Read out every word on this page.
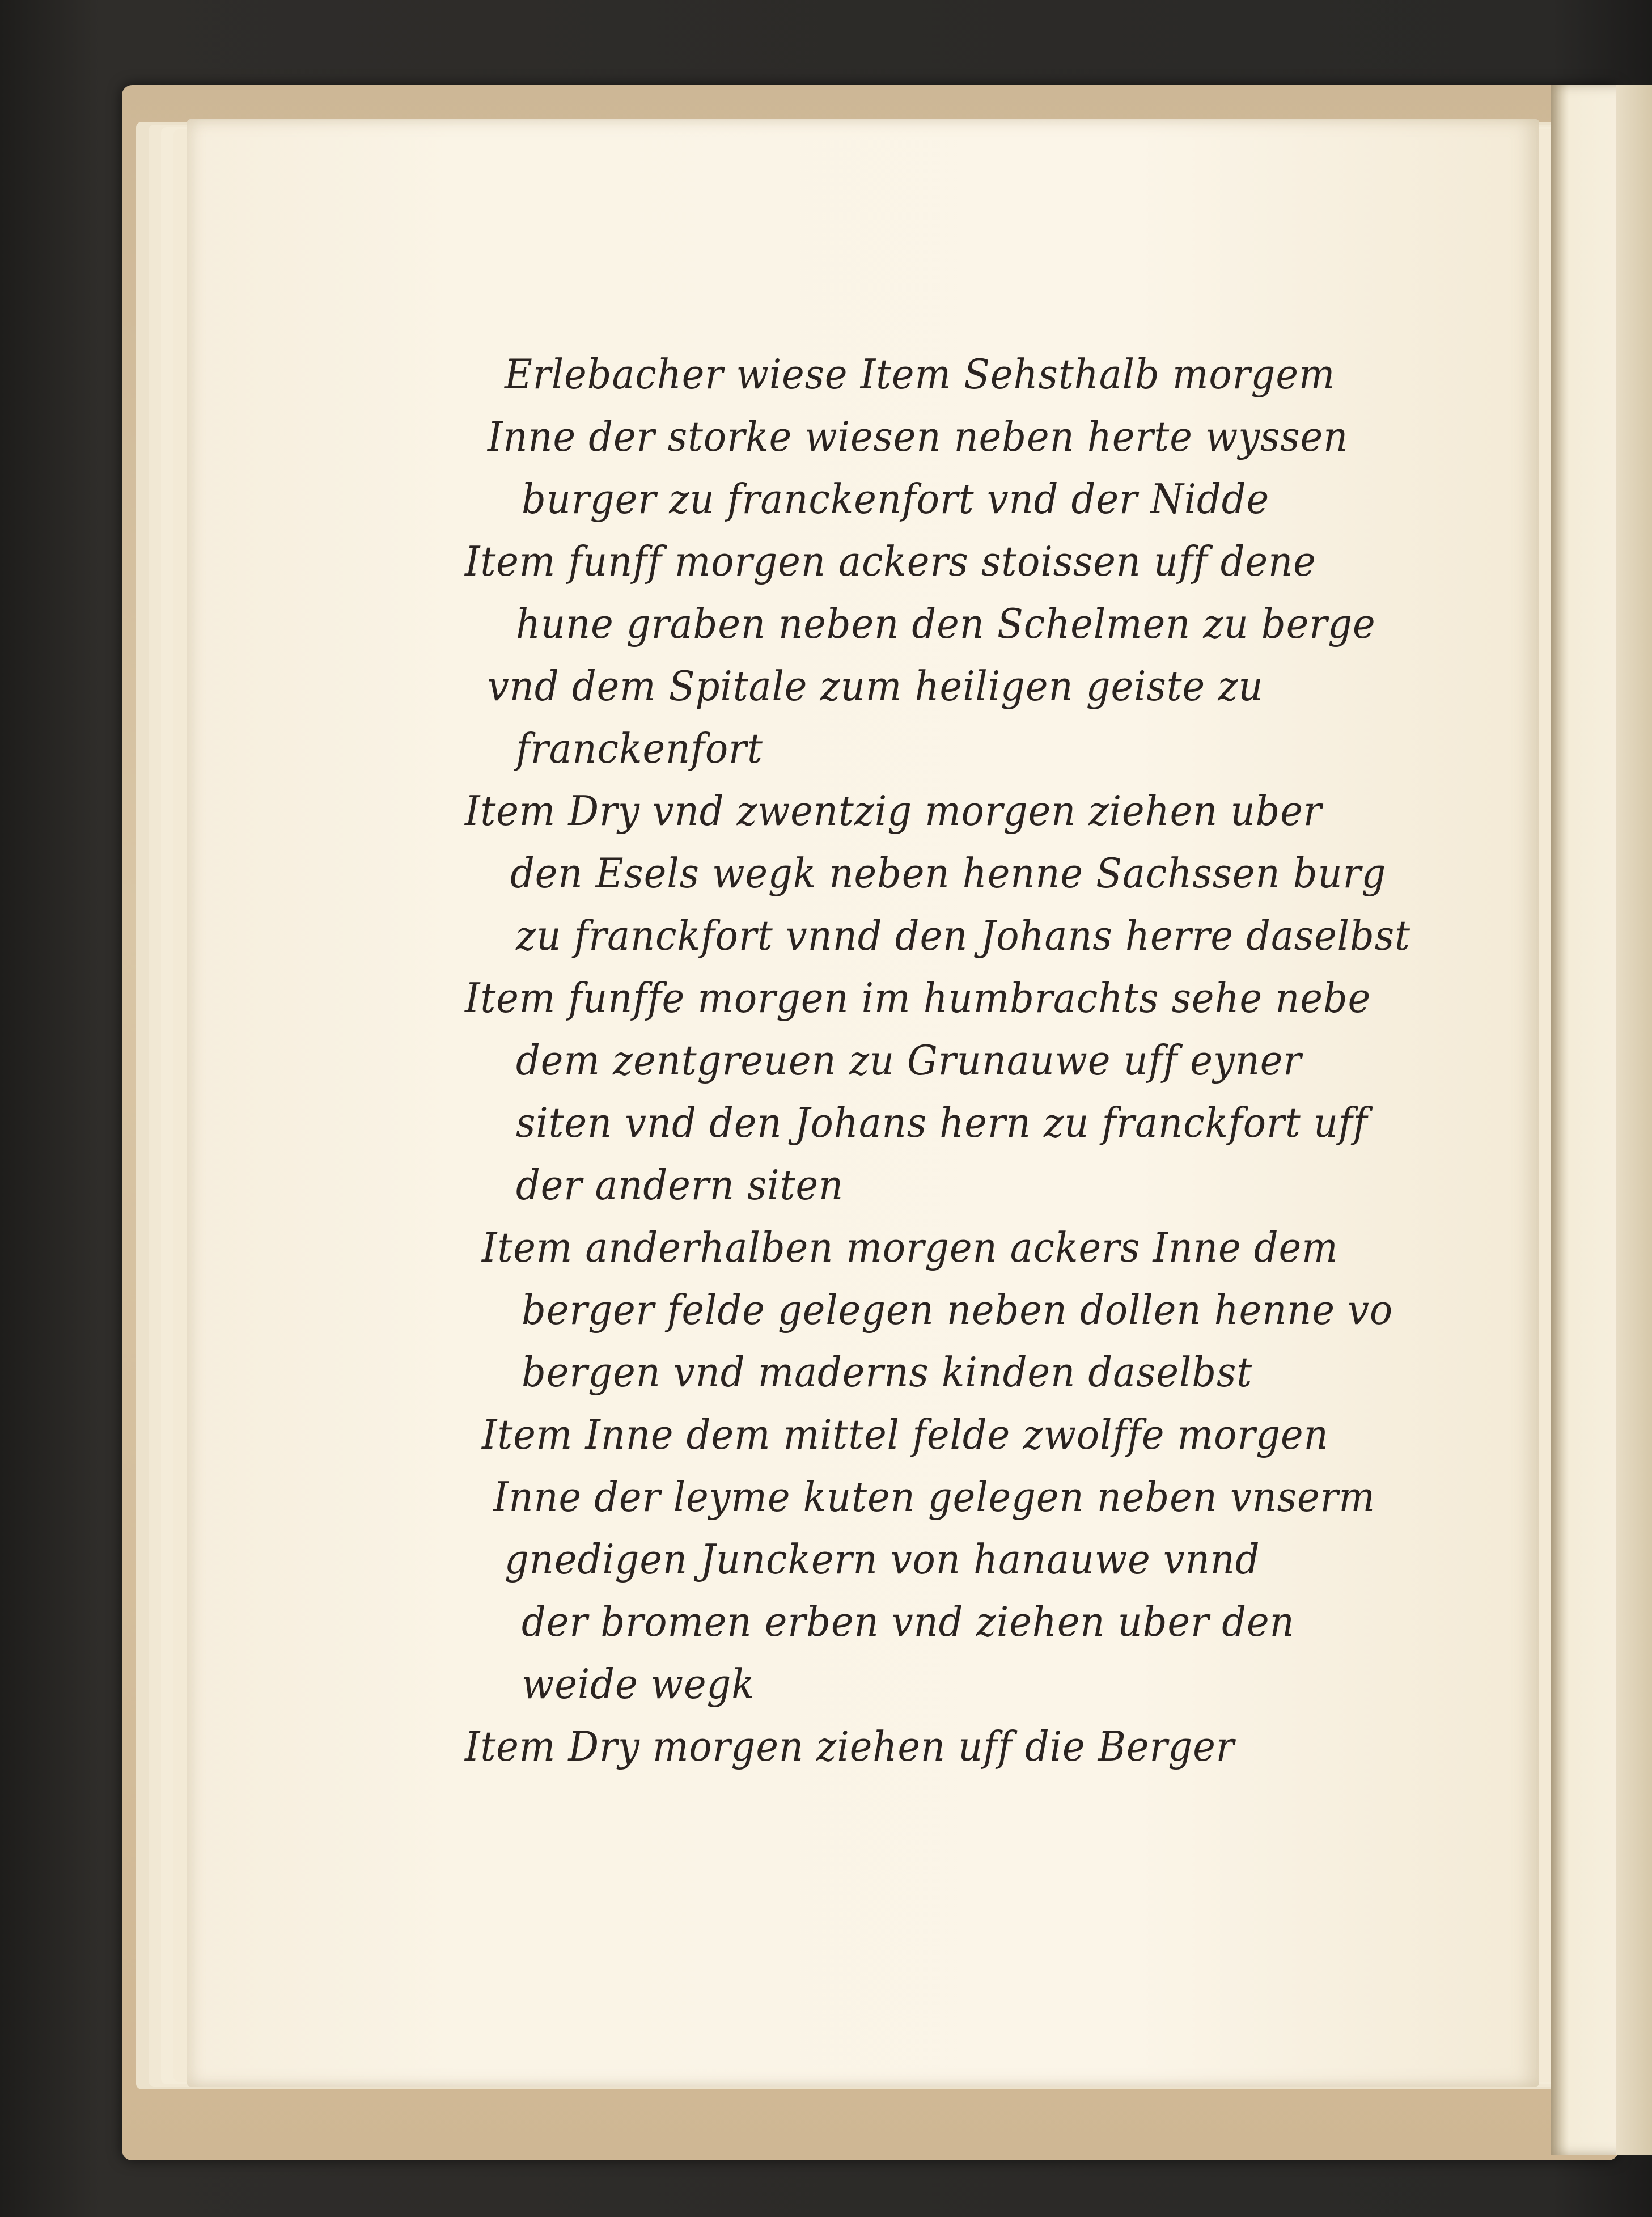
Erlebacher wiese Item Sehsthalb morgem
Inne der storke wiesen neben herte wyssen
burger zu franckenfort vnd der Nidde
Item funff morgen ackers stoissen uff dene
hune graben neben den Schelmen zu berge
vnd dem Spitale zum heiligen geiste zu
franckenfort
Item Dry vnd zwentzig morgen ziehen uber
den Esels wegk neben henne Sachssen burg
zu franckfort vnnd den Johans herre daselbst
Item funffe morgen im humbrachts sehe nebe
dem zentgreuen zu Grunauwe uff eyner
siten vnd den Johans hern zu franckfort uff
der andern siten
Item anderhalben morgen ackers Inne dem
berger felde gelegen neben dollen henne vo
bergen vnd maderns kinden daselbst
Item Inne dem mittel felde zwolffe morgen
Inne der leyme kuten gelegen neben vnserm
gnedigen Junckern von hanauwe vnnd
der bromen erben vnd ziehen uber den
weide wegk
Item Dry morgen ziehen uff die Berger
